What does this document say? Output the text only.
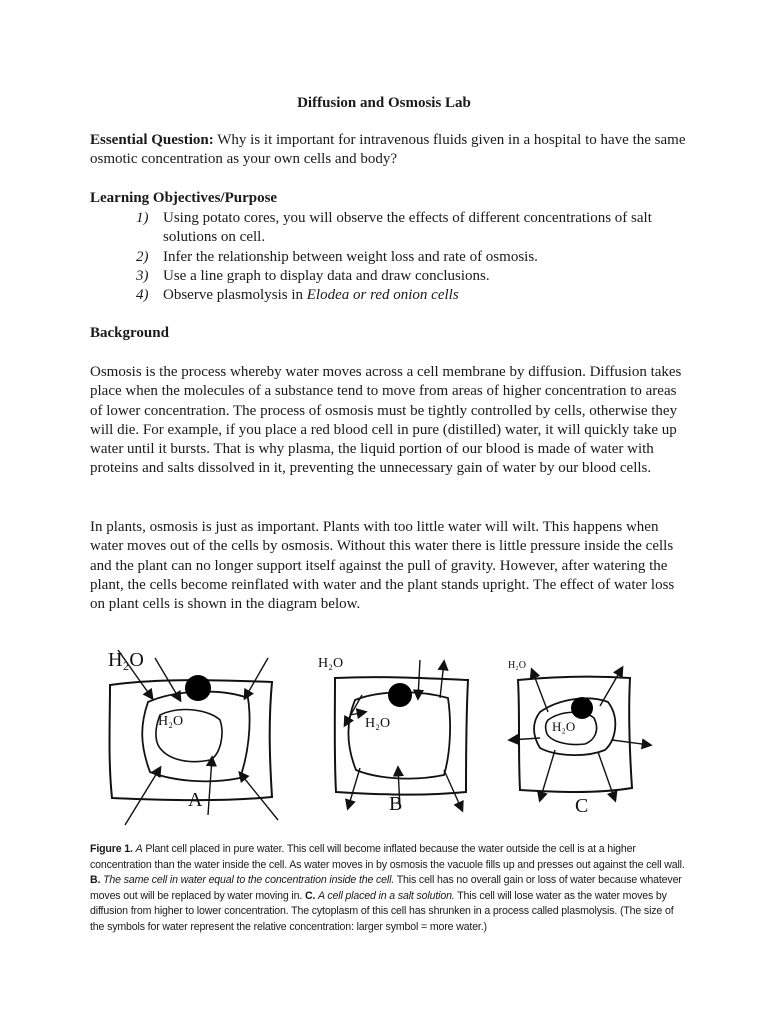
Diffusion and Osmosis Lab

Essential Question: Why is it important for intravenous fluids given in a hospital to have the same osmotic concentration as your own cells and body?

Learning Objectives/Purpose
1) Using potato cores, you will observe the effects of different concentrations of salt solutions on cell.
2) Infer the relationship between weight loss and rate of osmosis.
3) Use a line graph to display data and draw conclusions.
4) Observe plasmolysis in Elodea or red onion cells
Background

Osmosis is the process whereby water moves across a cell membrane by diffusion. Diffusion takes place when the molecules of a substance tend to move from areas of higher concentration to areas of lower concentration. The process of osmosis must be tightly controlled by cells, otherwise they will die. For example, if you place a red blood cell in pure (distilled) water, it will quickly take up water until it bursts. That is why plasma, the liquid portion of our blood is made of water with proteins and salts dissolved in it, preventing the unnecessary gain of water by our blood cells.

In plants, osmosis is just as important. Plants with too little water will wilt. This happens when water moves out of the cells by osmosis. Without this water there is little pressure inside the cells and the plant can no longer support itself against the pull of gravity. However, after watering the plant, the cells become reinflated with water and the plant stands upright. The effect of water loss on plant cells is shown in the diagram below.

H₂O
H₂O
H₂O
H₂O
H₂O
H₂O
A	B	C

Figure 1. A Plant cell placed in pure water. This cell will become inflated because the water outside the cell is at a higher concentration than the water inside the cell. As water moves in by osmosis the vacuole fills up and presses out against the cell wall. B. The same cell in water equal to the concentration inside the cell. This cell has no overall gain or loss of water because whatever moves out will be replaced by water moving in. C. A cell placed in a salt solution. This cell will lose water as the water moves by diffusion from higher to lower concentration. The cytoplasm of this cell has shrunken in a process called plasmolysis. (The size of the symbols for water represent the relative concentration: larger symbol = more water.)
